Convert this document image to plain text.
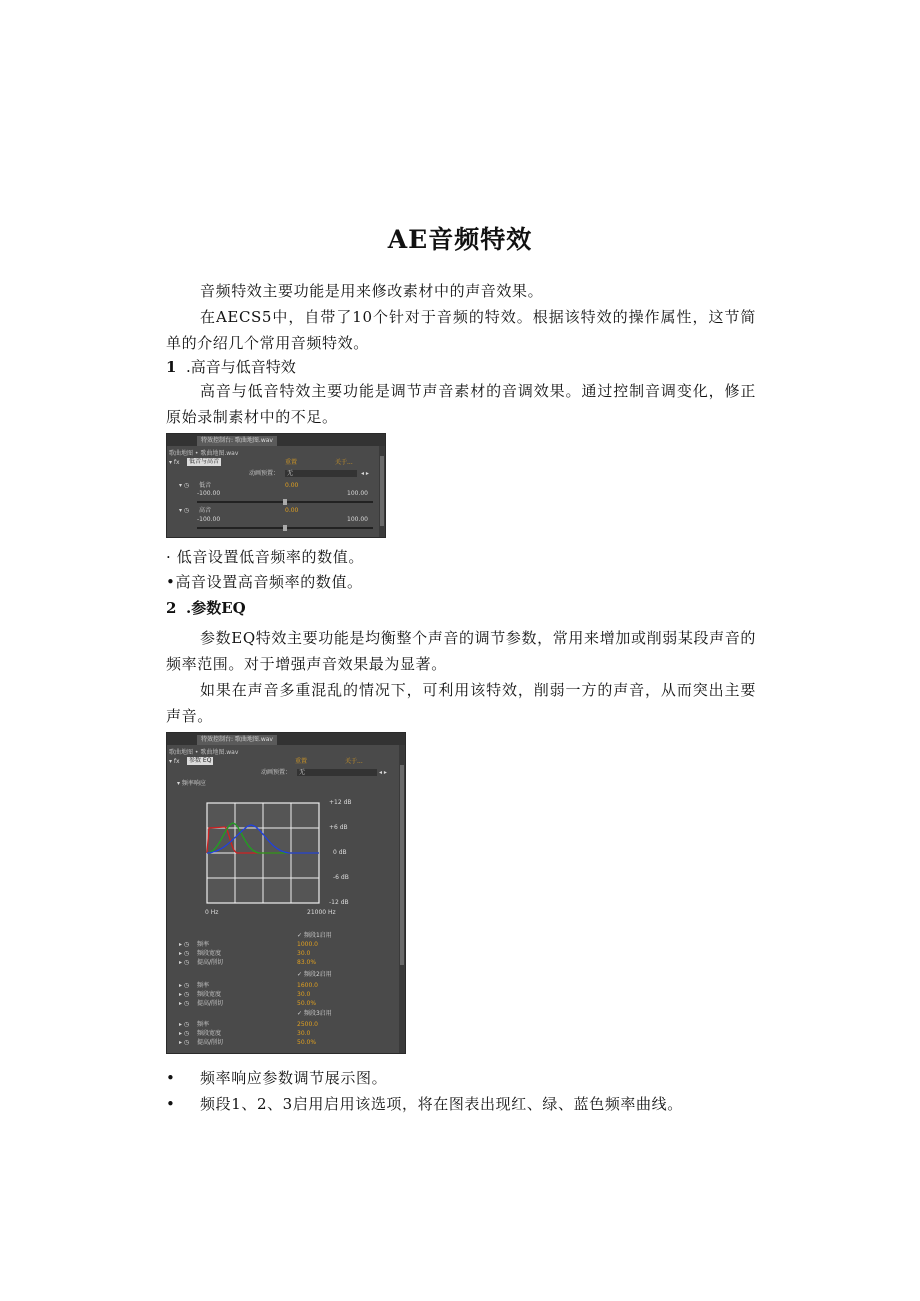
AE音频特效

音频特效主要功能是用来修改素材中的声音效果。

在AECS5中，自带了10个针对于音频的特效。根据该特效的操作属性，这节简单的介绍几个常用音频特效。

1 .高音与低音特效

高音与低音特效主要功能是调节声音素材的音调效果。通过控制音调变化，修正原始录制素材中的不足。

特效控制台: 歌曲地图.wav
歌曲地图 • 歌曲地图.wav
▾ fx	低音与高音	重置	关于...
动画预置：	无	◂ ▸
▾ ◷ 低音	0.00
-100.00	100.00
▾ ◷ 高音	0.00
-100.00	100.00

· 低音设置低音频率的数值。

•高音设置高音频率的数值。

2 .参数EQ

参数EQ特效主要功能是均衡整个声音的调节参数，常用来增加或削弱某段声音的频率范围。对于增强声音效果最为显著。

如果在声音多重混乱的情况下，可利用该特效，削弱一方的声音，从而突出主要声音。

特效控制台: 歌曲地图.wav
歌曲地图 • 歌曲地图.wav
▾ fx	参数 EQ	重置	关于...
动画预置：	无	◂ ▸
▾ 频率响应
+12 dB
+6 dB
0 dB
-6 dB
-12 dB
0 Hz	21000 Hz
✓ 频段1启用
▸ ◷ 频率	1000.0
▸ ◷ 频段宽度	30.0
▸ ◷ 提高/削切	83.0%
✓ 频段2启用
▸ ◷ 频率	1600.0
▸ ◷ 频段宽度	30.0
▸ ◷ 提高/削切	50.0%
✓ 频段3启用
▸ ◷ 频率	2500.0
▸ ◷ 频段宽度	30.0
▸ ◷ 提高/削切	50.0%

• 频率响应参数调节展示图。

• 频段1、2、3启用启用该选项，将在图表出现红、绿、蓝色频率曲线。
